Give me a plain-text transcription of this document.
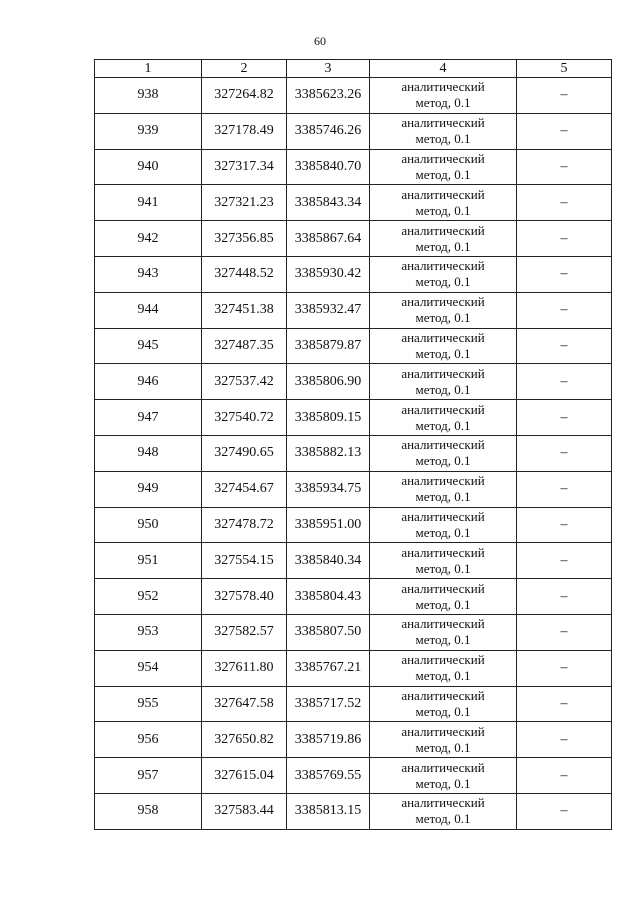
60
1	2	3	4	5
938	327264.82	3385623.26	аналитический
метод, 0.1	–
939	327178.49	3385746.26	аналитический
метод, 0.1	–
940	327317.34	3385840.70	аналитический
метод, 0.1	–
941	327321.23	3385843.34	аналитический
метод, 0.1	–
942	327356.85	3385867.64	аналитический
метод, 0.1	–
943	327448.52	3385930.42	аналитический
метод, 0.1	–
944	327451.38	3385932.47	аналитический
метод, 0.1	–
945	327487.35	3385879.87	аналитический
метод, 0.1	–
946	327537.42	3385806.90	аналитический
метод, 0.1	–
947	327540.72	3385809.15	аналитический
метод, 0.1	–
948	327490.65	3385882.13	аналитический
метод, 0.1	–
949	327454.67	3385934.75	аналитический
метод, 0.1	–
950	327478.72	3385951.00	аналитический
метод, 0.1	–
951	327554.15	3385840.34	аналитический
метод, 0.1	–
952	327578.40	3385804.43	аналитический
метод, 0.1	–
953	327582.57	3385807.50	аналитический
метод, 0.1	–
954	327611.80	3385767.21	аналитический
метод, 0.1	–
955	327647.58	3385717.52	аналитический
метод, 0.1	–
956	327650.82	3385719.86	аналитический
метод, 0.1	–
957	327615.04	3385769.55	аналитический
метод, 0.1	–
958	327583.44	3385813.15	аналитический
метод, 0.1	–
